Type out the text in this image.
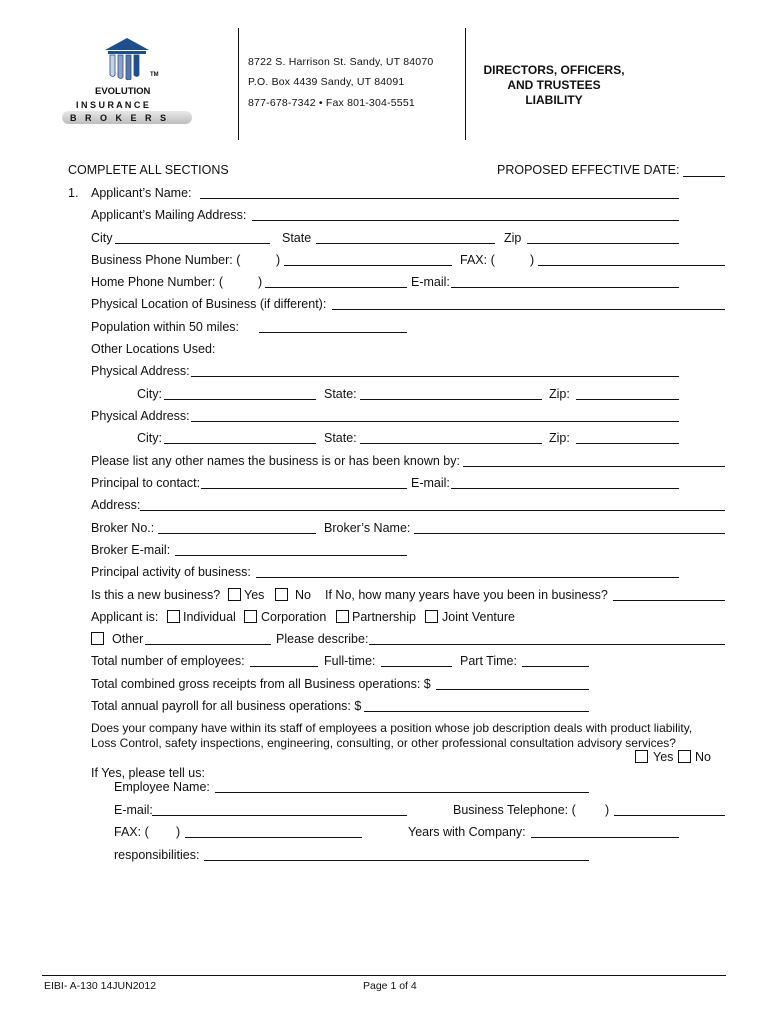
TM
EVOLUTION
I N S U R A N C E
B R O K E R S
8722 S. Harrison St. Sandy, UT 84070
P.O. Box 4439 Sandy, UT 84091
877-678-7342 • Fax 801-304-5551
DIRECTORS, OFFICERS,
AND TRUSTEES
LIABILITY
COMPLETE ALL SECTIONS	PROPOSED EFFECTIVE DATE:
1. Applicant’s Name:
Applicant’s Mailing Address:
City	State	Zip
Business Phone Number: (	)	FAX: (	)
Home Phone Number: (	)	E-mail:
Physical Location of Business (if different):
Population within 50 miles:
Other Locations Used:
Physical Address:
City:	State:	Zip:
Physical Address:
City:	State:	Zip:
Please list any other names the business is or has been known by:
Principal to contact:	E-mail:
Address:
Broker No.:	Broker’s Name:
Broker E-mail:
Principal activity of business:
Is this a new business? Yes No If No, how many years have you been in business?
Applicant is: Individual Corporation Partnership Joint Venture
Other	Please describe:
Total number of employees:	Full-time:	Part Time:
Total combined gross receipts from all Business operations: $
Total annual payroll for all business operations: $
Does your company have within its staff of employees a position whose job description deals with product liability,
Loss Control, safety inspections, engineering, consulting, or other professional consultation advisory services?
Yes No
If Yes, please tell us:
Employee Name:
E-mail:	Business Telephone: ( )
FAX: ( )	Years with Company:
responsibilities:
EIBI- A-130 14JUN2012	Page 1 of 4
